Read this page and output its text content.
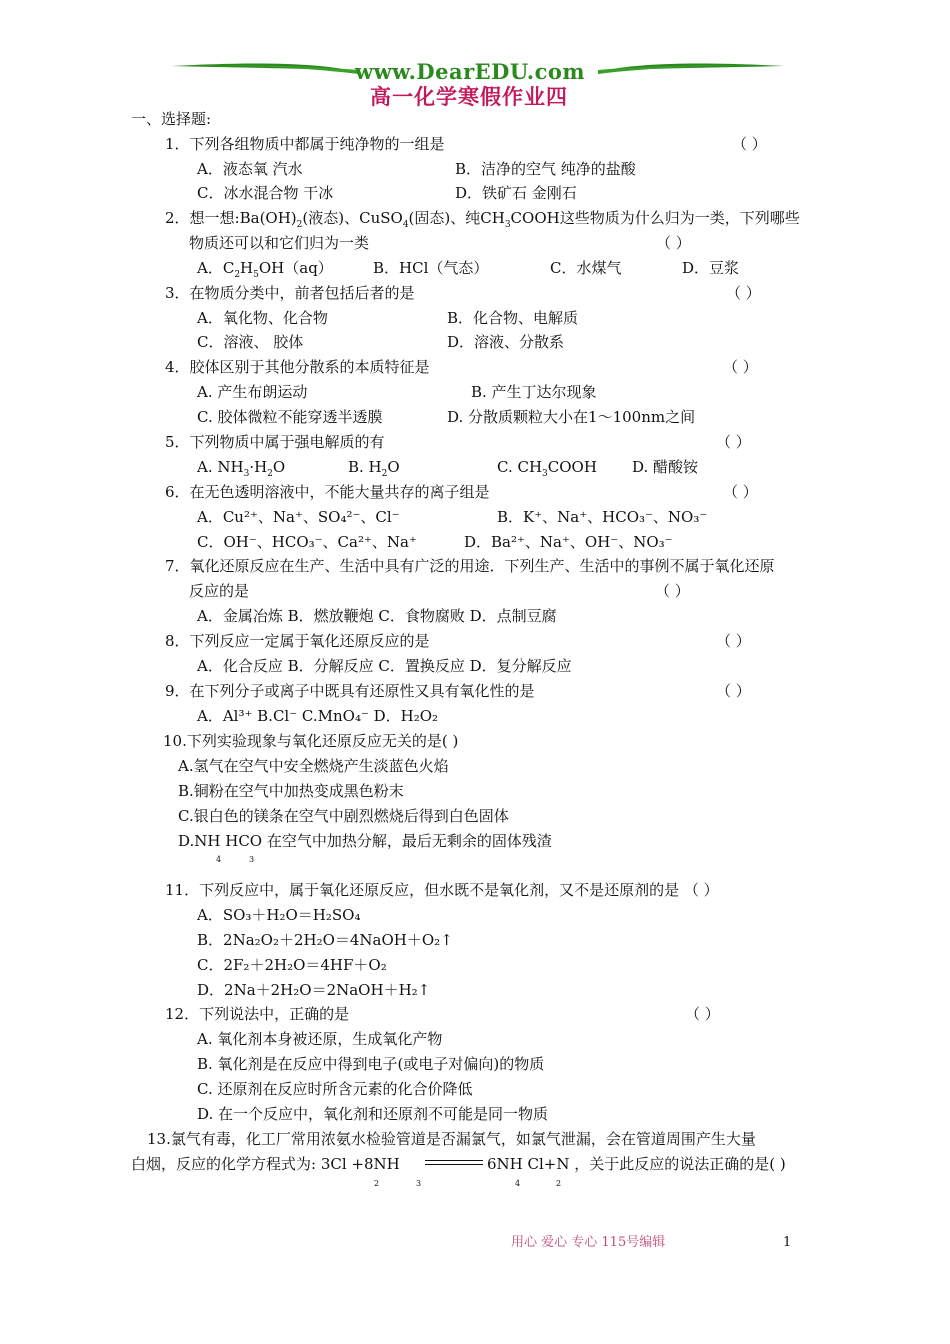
www.DearEDU.com
高一化学寒假作业四
一、选择题:
1．下列各组物质中都属于纯净物的一组是	（ ）
A．液态氧 汽水	B．洁净的空气 纯净的盐酸
C．冰水混合物 干冰	D．铁矿石 金刚石
2．想一想$:Ba(OH)_2$(液态)、CuSO$_4$(固态)、纯$CH_3COOH$这些物质为什么归为一类，下列哪些
物质还可以和它们归为一类	（ ）
A．$C_2H_5OH(aq)$	B．HCl（气态）	C．水煤气	D．豆浆
3．在物质分类中，前者包括后者的是	（ ）
A．氧化物、化合物	B．化合物、电解质
C．溶液、 胶体	D．溶液、分散系
4．胶体区别于其他分散系的本质特征是	（ ）
A. 产生布朗运动	B. 产生丁达尔现象
C. 胶体微粒不能穿透半透膜	D. 分散质颗粒大小在1～100nm之间
5．下列物质中属于强电解质的有	（ ）
A. $NH_3\cdot H_2O$	B. $H_2O$	C. $CH_3COOH$ D. 醋酸铵
6．在无色透明溶液中，不能大量共存的离子组是	（ ）
A．Cu²⁺、Na⁺、SO₄²⁻、Cl⁻	B．K⁺、Na⁺、HCO₃⁻、NO₃⁻
C．OH⁻、HCO₃⁻、Ca²⁺、Na⁺	D．Ba²⁺、Na⁺、OH⁻、NO₃⁻
7．氧化还原反应在生产、生活中具有广泛的用途．下列生产、生活中的事例不属于氧化还原
反应的是	（ ）
A．金属冶炼 B．燃放鞭炮 C．食物腐败 D．点制豆腐
8．下列反应一定属于氧化还原反应的是	（ ）
A．化合反应 B．分解反应 C．置换反应 D．复分解反应
9．在下列分子或离子中既具有还原性又具有氧化性的是	（ ）
A．Al³⁺ B.Cl⁻ C.MnO₄⁻ D．H₂O₂
10.下列实验现象与氧化还原反应无关的是( )
A.氢气在空气中安全燃烧产生淡蓝色火焰
B.铜粉在空气中加热变成黑色粉末
C.银白色的镁条在空气中剧烈燃烧后得到白色固体
D.NH HCO 在空气中加热分解，最后无剩余的固体残渣
4	3
11．下列反应中，属于氧化还原反应，但水既不是氧化剂，又不是还原剂的是 （ ）
A．SO₃＋H₂O＝H₂SO₄
B．2Na₂O₂＋2H₂O＝4NaOH＋O₂↑
C．2F₂＋2H₂O＝4HF＋O₂
D．2Na＋2H₂O＝2NaOH＋H₂↑
12．下列说法中，正确的是	（ ）
A. 氧化剂本身被还原，生成氧化产物
B. 氧化剂是在反应中得到电子(或电子对偏向)的物质
C. 还原剂在反应时所含元素的化合价降低
D. 在一个反应中，氧化剂和还原剂不可能是同一物质
13.氯气有毒，化工厂常用浓氨水检验管道是否漏氯气，如氯气泄漏，会在管道周围产生大量
白烟，反应的化学方程式为: 3Cl +8NH	6NH Cl+N ，关于此反应的说法正确的是( )
2	3	4	2
用心 爱心 专心 115号编辑	1
